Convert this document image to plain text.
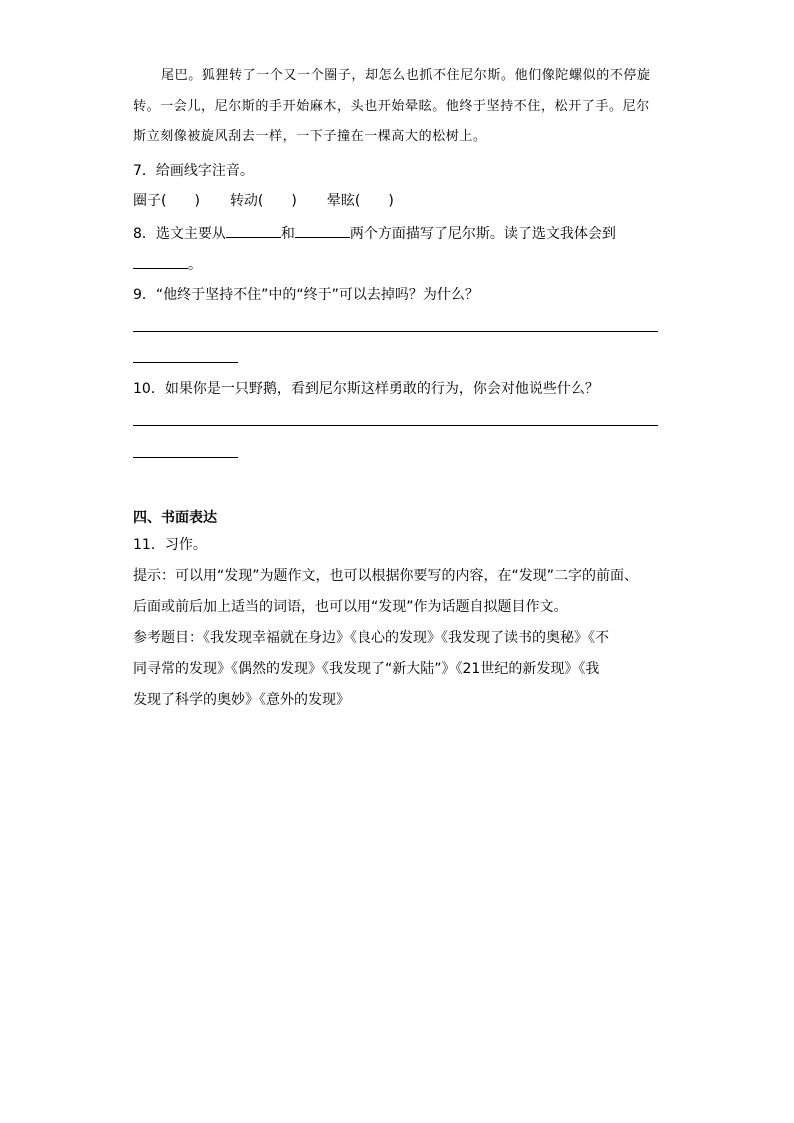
尾巴。狐狸转了一个又一个圈子，却怎么也抓不住尼尔斯。他们像陀螺似的不停旋
转。一会儿，尼尔斯的手开始麻木，头也开始晕眩。他终于坚持不住，松开了手。尼尔
斯立刻像被旋风刮去一样，一下子撞在一棵高大的松树上。
7．给画线字注音。
圈子(　　) 转动(　　) 晕眩(　　)
8．选文主要从	和	两个方面描写了尼尔斯。读了选文我体会到
。
9．“他终于坚持不住”中的“终于”可以去掉吗？为什么？
10．如果你是一只野鹅，看到尼尔斯这样勇敢的行为，你会对他说些什么？
四、书面表达
11．习作。
提示：可以用“发现”为题作文，也可以根据你要写的内容，在“发现”二字的前面、
后面或前后加上适当的词语，也可以用“发现”作为话题自拟题目作文。
参考题目：《我发现幸福就在身边》《良心的发现》《我发现了读书的奥秘》《不
同寻常的发现》《偶然的发现》《我发现了“新大陆”》《21世纪的新发现》《我
发现了科学的奥妙》《意外的发现》
